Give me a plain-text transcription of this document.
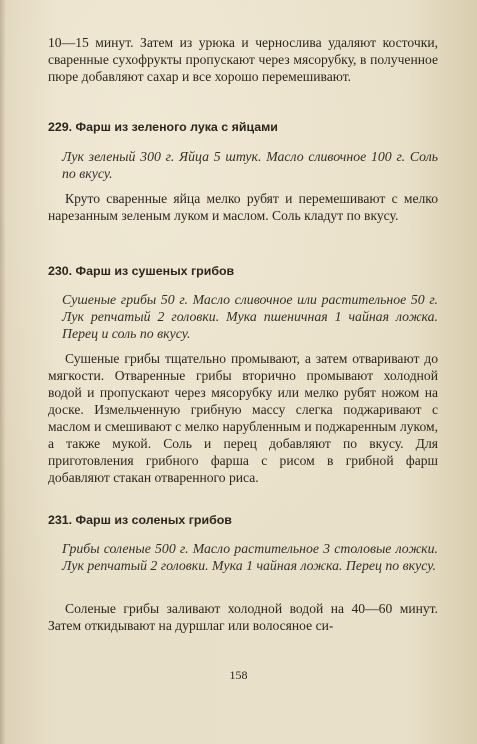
10—15 минут. Затем из урюка и чернослива удаляют косточки, сваренные сухофрукты пропускают через мясорубку, в полученное пюре добавляют сахар и все хорошо перемешивают.

229. Фарш из зеленого лука с яйцами

Лук зеленый 300 г. Яйца 5 штук. Масло сливочное 100 г. Соль по вкусу.

Круто сваренные яйца мелко рубят и перемешивают с мелко нарезанным зеленым луком и маслом. Соль кладут по вкусу.

230. Фарш из сушеных грибов

Сушеные грибы 50 г. Масло сливочное или растительное 50 г. Лук репчатый 2 головки. Мука пшеничная 1 чайная ложка. Перец и соль по вкусу.

Сушеные грибы тщательно промывают, а затем отваривают до мягкости. Отваренные грибы вторично промывают холодной водой и пропускают через мясорубку или мелко рубят ножом на доске. Измельченную грибную массу слегка поджаривают с маслом и смешивают с мелко нарубленным и поджаренным луком, а также мукой. Соль и перец добавляют по вкусу. Для приготовления грибного фарша с рисом в грибной фарш добавляют стакан отваренного риса.

231. Фарш из соленых грибов

Грибы соленые 500 г. Масло растительное 3 столовые ложки. Лук репчатый 2 головки. Мука 1 чайная ложка. Перец по вкусу.

Соленые грибы заливают холодной водой на 40—60 минут. Затем откидывают на дуршлаг или волосяное си-

158
